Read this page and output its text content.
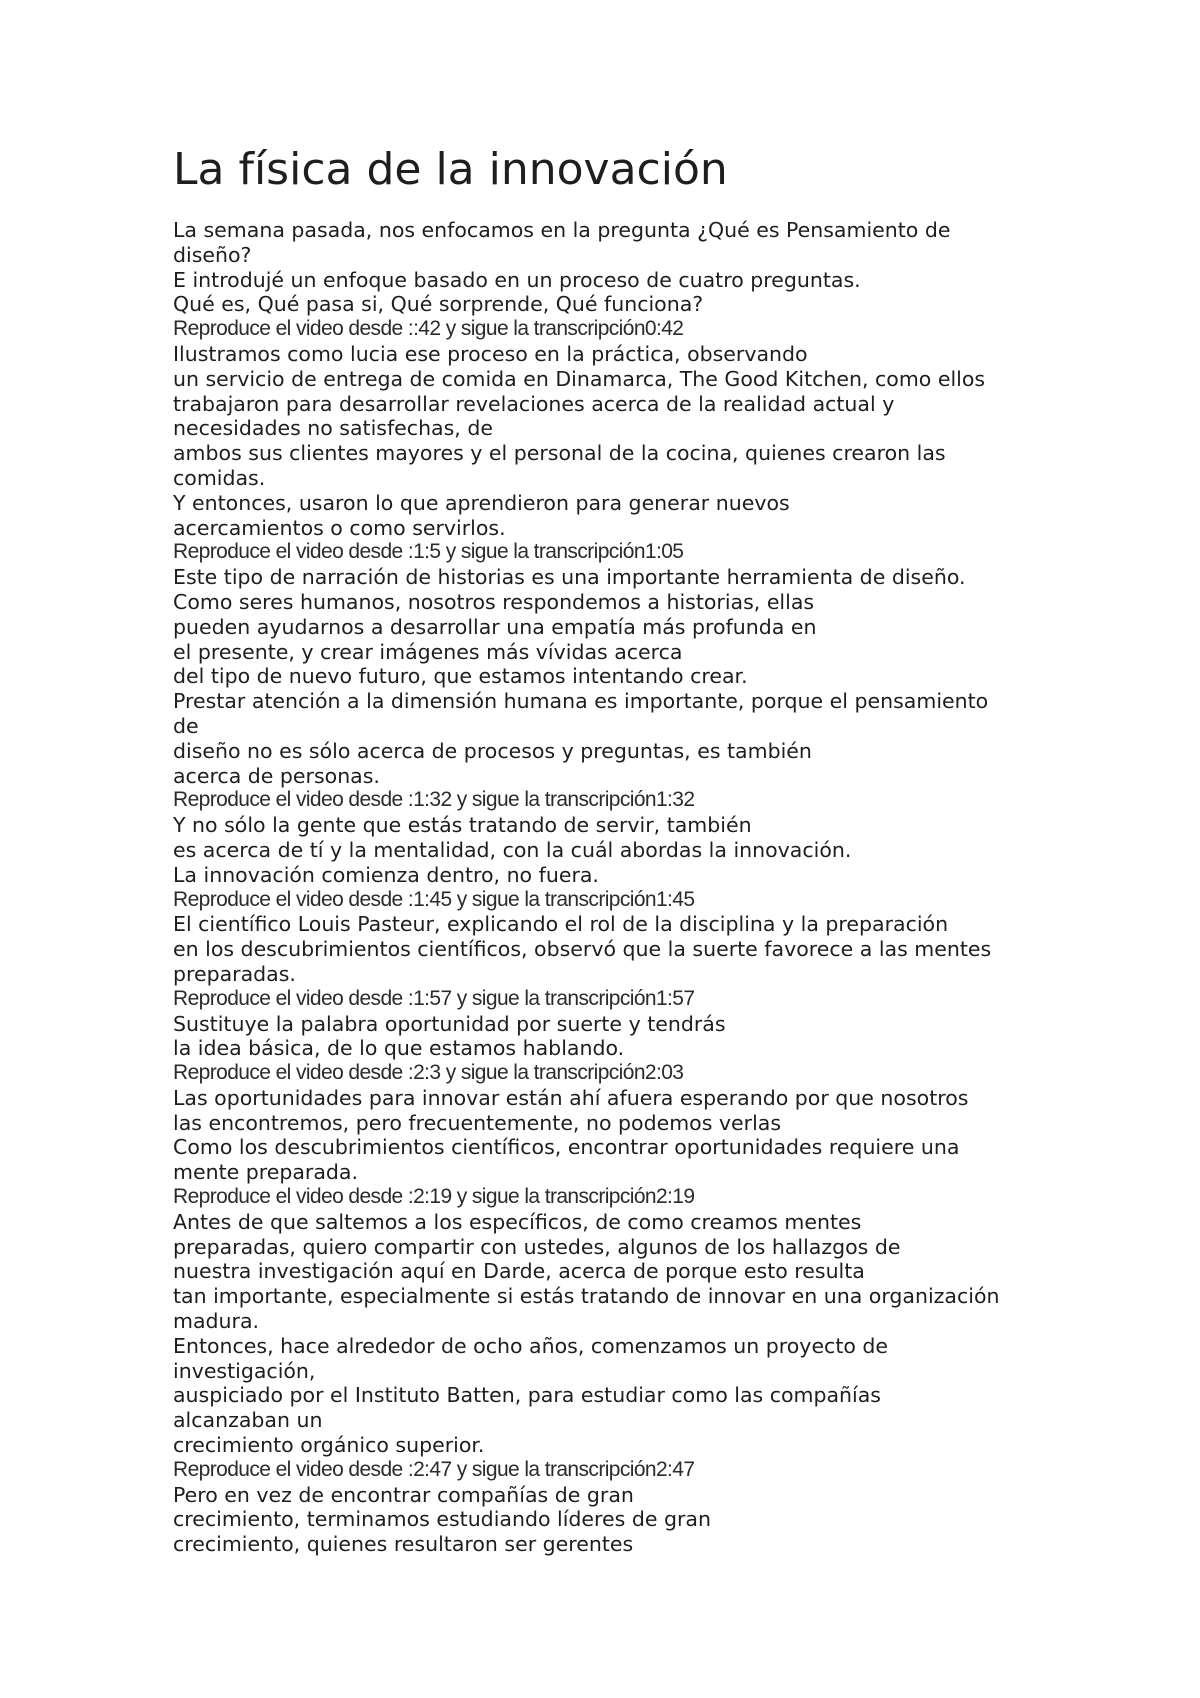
La física de la innovación
La semana pasada, nos enfocamos en la pregunta ¿Qué es Pensamiento de
diseño?
E introdujé un enfoque basado en un proceso de cuatro preguntas.
Qué es, Qué pasa si, Qué sorprende, Qué funciona?
Reproduce el video desde ::42 y sigue la transcripción0:42
Ilustramos como lucia ese proceso en la práctica, observando
un servicio de entrega de comida en Dinamarca, The Good Kitchen, como ellos
trabajaron para desarrollar revelaciones acerca de la realidad actual y
necesidades no satisfechas, de
ambos sus clientes mayores y el personal de la cocina, quienes crearon las
comidas.
Y entonces, usaron lo que aprendieron para generar nuevos
acercamientos o como servirlos.
Reproduce el video desde :1:5 y sigue la transcripción1:05
Este tipo de narración de historias es una importante herramienta de diseño.
Como seres humanos, nosotros respondemos a historias, ellas
pueden ayudarnos a desarrollar una empatía más profunda en
el presente, y crear imágenes más vívidas acerca
del tipo de nuevo futuro, que estamos intentando crear.
Prestar atención a la dimensión humana es importante, porque el pensamiento
de
diseño no es sólo acerca de procesos y preguntas, es también
acerca de personas.
Reproduce el video desde :1:32 y sigue la transcripción1:32
Y no sólo la gente que estás tratando de servir, también
es acerca de tí y la mentalidad, con la cuál abordas la innovación.
La innovación comienza dentro, no fuera.
Reproduce el video desde :1:45 y sigue la transcripción1:45
El científico Louis Pasteur, explicando el rol de la disciplina y la preparación
en los descubrimientos científicos, observó que la suerte favorece a las mentes
preparadas.
Reproduce el video desde :1:57 y sigue la transcripción1:57
Sustituye la palabra oportunidad por suerte y tendrás
la idea básica, de lo que estamos hablando.
Reproduce el video desde :2:3 y sigue la transcripción2:03
Las oportunidades para innovar están ahí afuera esperando por que nosotros
las encontremos, pero frecuentemente, no podemos verlas
Como los descubrimientos científicos, encontrar oportunidades requiere una
mente preparada.
Reproduce el video desde :2:19 y sigue la transcripción2:19
Antes de que saltemos a los específicos, de como creamos mentes
preparadas, quiero compartir con ustedes, algunos de los hallazgos de
nuestra investigación aquí en Darde, acerca de porque esto resulta
tan importante, especialmente si estás tratando de innovar en una organización
madura.
Entonces, hace alrededor de ocho años, comenzamos un proyecto de
investigación,
auspiciado por el Instituto Batten, para estudiar como las compañías
alcanzaban un
crecimiento orgánico superior.
Reproduce el video desde :2:47 y sigue la transcripción2:47
Pero en vez de encontrar compañías de gran
crecimiento, terminamos estudiando líderes de gran
crecimiento, quienes resultaron ser gerentes
